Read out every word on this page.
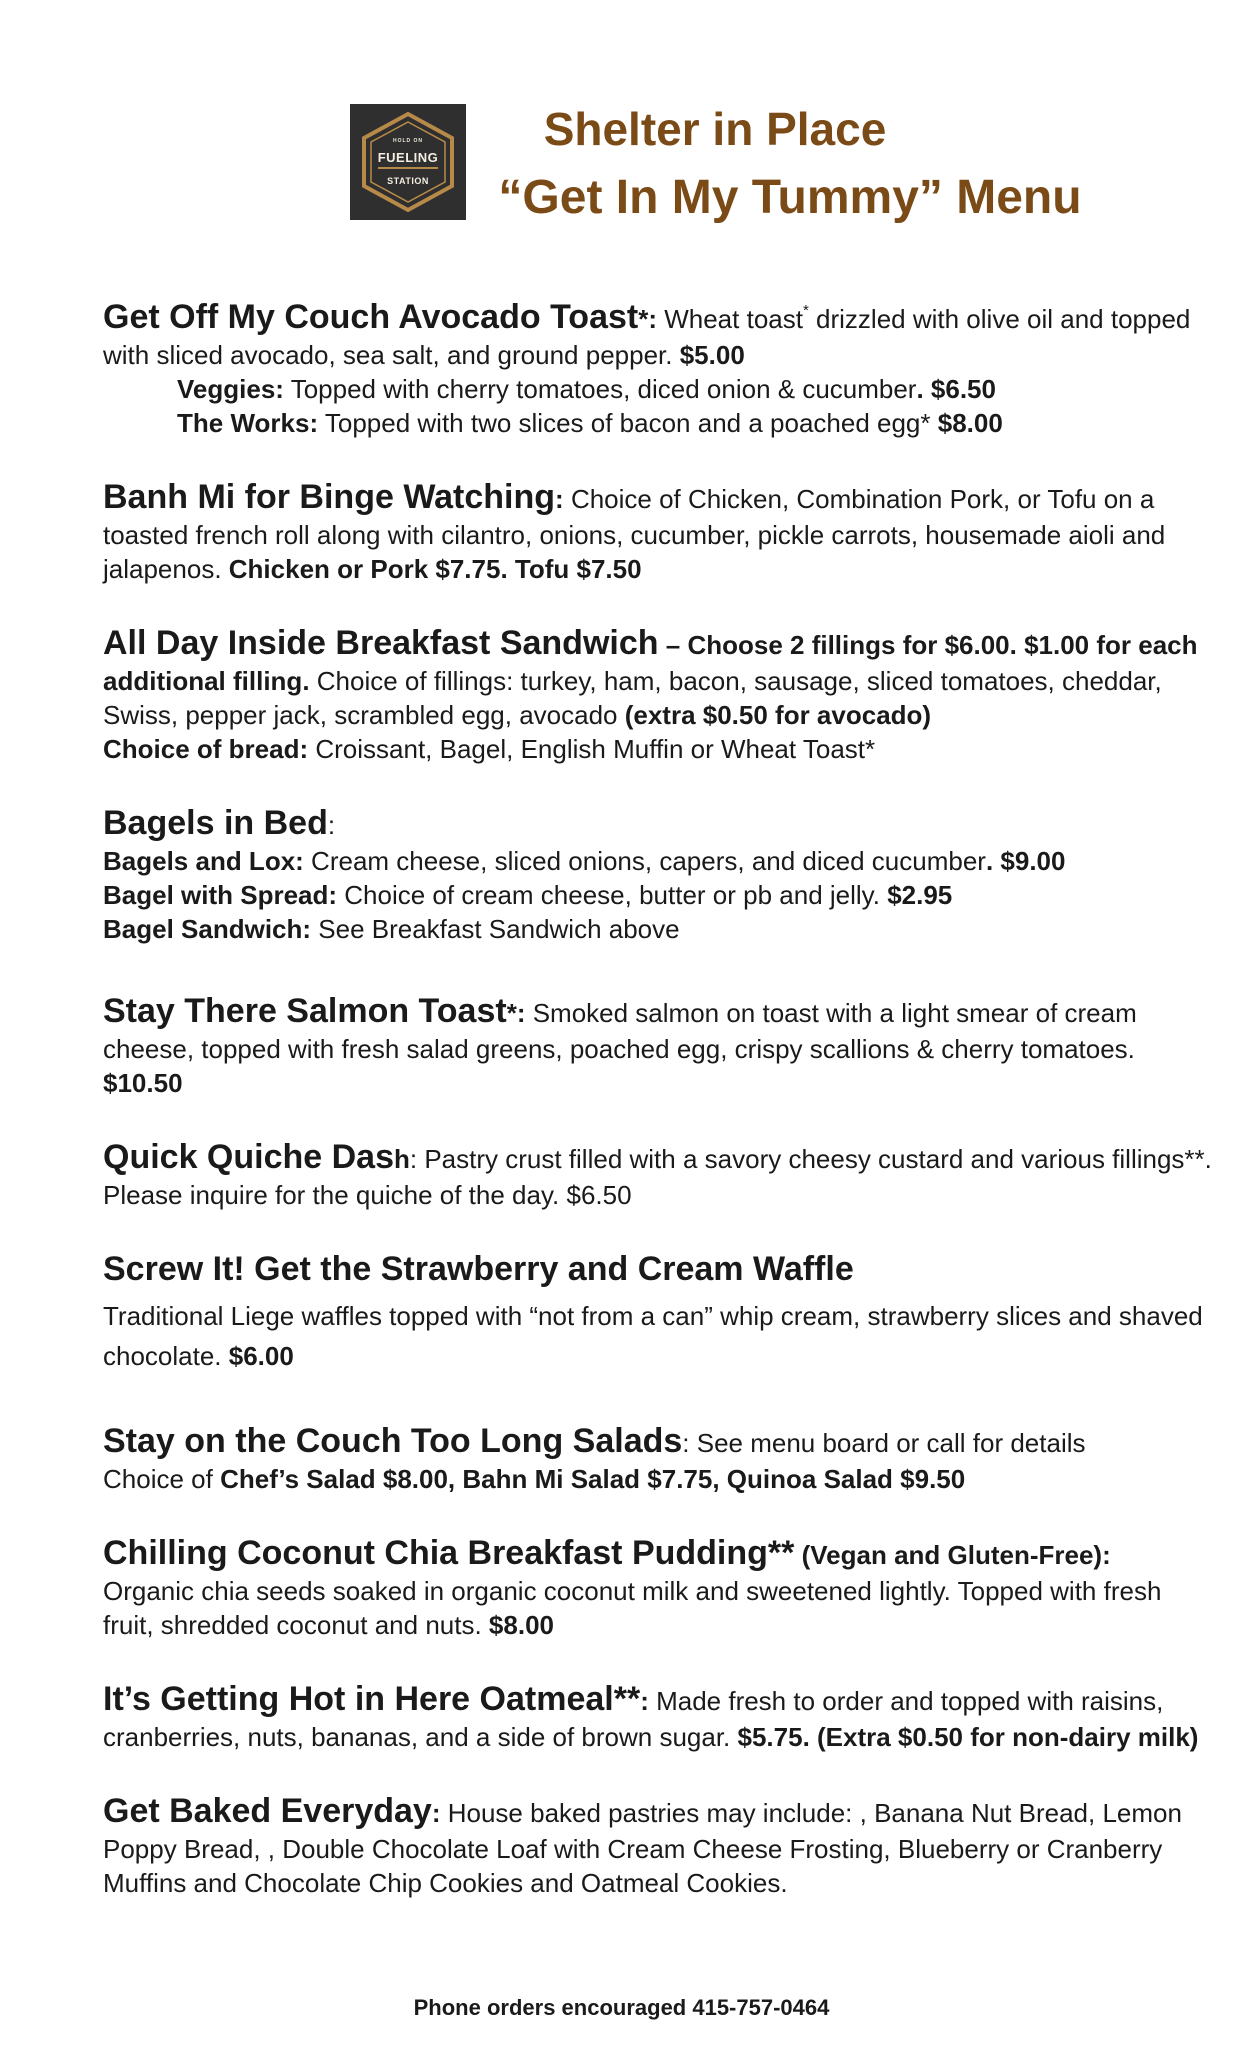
HOLD ON
FUELING
STATION
Shelter in Place
“Get In My Tummy” Menu

Get Off My Couch Avocado Toast*: Wheat toast* drizzled with olive oil and topped with sliced avocado, sea salt, and ground pepper. $5.00

Veggies: Topped with cherry tomatoes, diced onion & cucumber. $6.50

The Works: Topped with two slices of bacon and a poached egg* $8.00

Banh Mi for Binge Watching: Choice of Chicken, Combination Pork, or Tofu on a toasted french roll along with cilantro, onions, cucumber, pickle carrots, housemade aioli and jalapenos. Chicken or Pork $7.75. Tofu $7.50

All Day Inside Breakfast Sandwich – Choose 2 fillings for $6.00. $1.00 for each additional filling. Choice of fillings: turkey, ham, bacon, sausage, sliced tomatoes, cheddar, Swiss, pepper jack, scrambled egg, avocado (extra $0.50 for avocado)

Choice of bread: Croissant, Bagel, English Muffin or Wheat Toast*

Bagels in Bed:

Bagels and Lox: Cream cheese, sliced onions, capers, and diced cucumber. $9.00

Bagel with Spread: Choice of cream cheese, butter or pb and jelly. $2.95

Bagel Sandwich: See Breakfast Sandwich above

Stay There Salmon Toast*: Smoked salmon on toast with a light smear of cream cheese, topped with fresh salad greens, poached egg, crispy scallions & cherry tomatoes. $10.50

Quick Quiche Dash: Pastry crust filled with a savory cheesy custard and various fillings**. Please inquire for the quiche of the day. $6.50

Screw It! Get the Strawberry and Cream Waffle

Traditional Liege waffles topped with “not from a can” whip cream, strawberry slices and shaved chocolate. $6.00

Stay on the Couch Too Long Salads: See menu board or call for details

Choice of Chef’s Salad $8.00, Bahn Mi Salad $7.75, Quinoa Salad $9.50

Chilling Coconut Chia Breakfast Pudding** (Vegan and Gluten-Free):

Organic chia seeds soaked in organic coconut milk and sweetened lightly. Topped with fresh fruit, shredded coconut and nuts. $8.00

It’s Getting Hot in Here Oatmeal**: Made fresh to order and topped with raisins, cranberries, nuts, bananas, and a side of brown sugar. $5.75. (Extra $0.50 for non-dairy milk)

Get Baked Everyday: House baked pastries may include: , Banana Nut Bread, Lemon Poppy Bread, , Double Chocolate Loaf with Cream Cheese Frosting, Blueberry or Cranberry Muffins and Chocolate Chip Cookies and Oatmeal Cookies.

Phone orders encouraged 415-757-0464
